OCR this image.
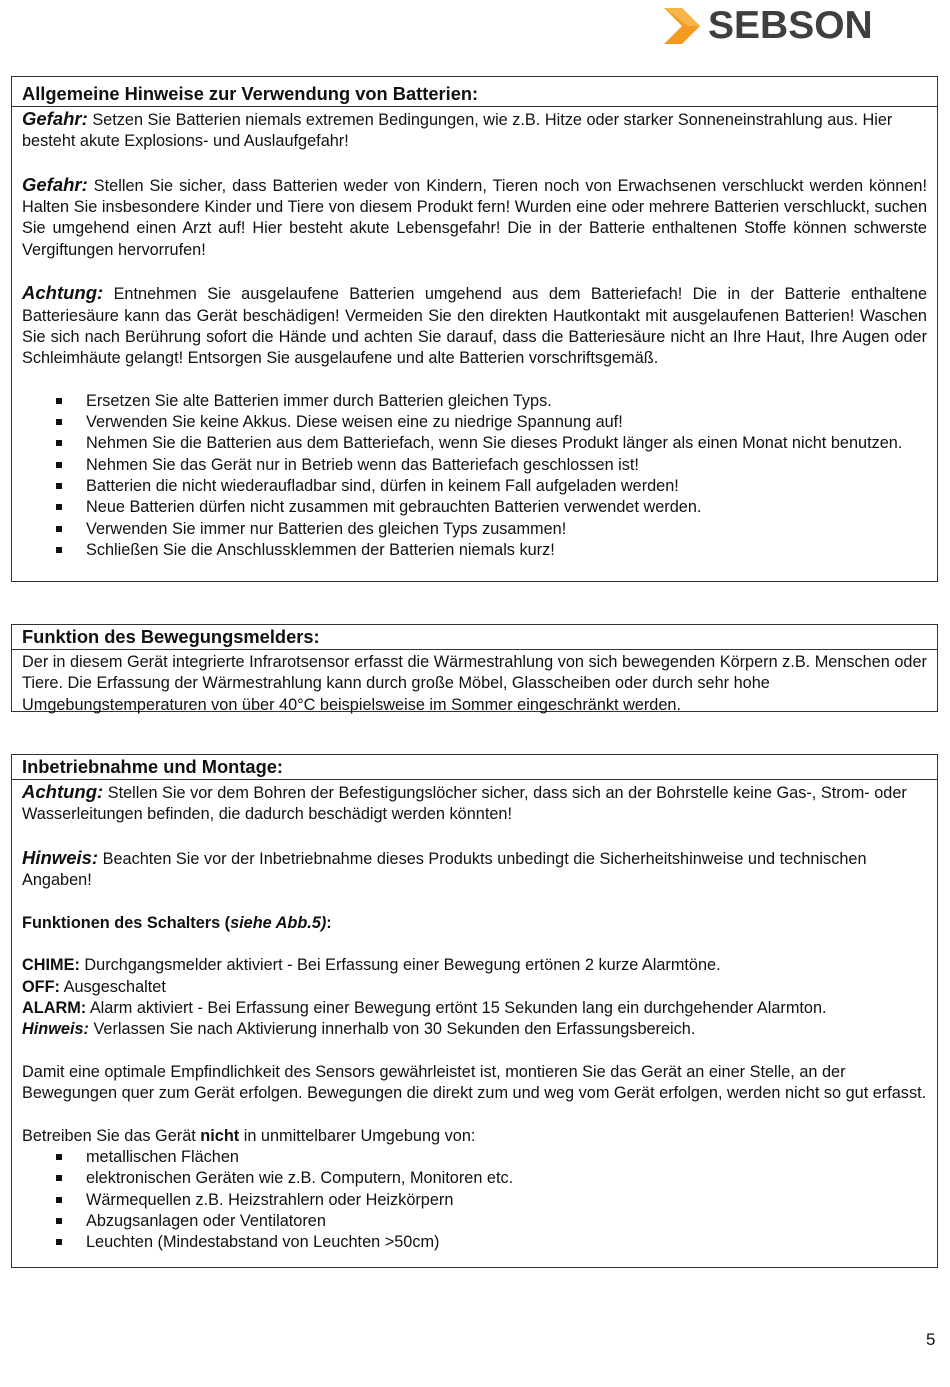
SEBSON
Allgemeine Hinweise zur Verwendung von Batterien:

Gefahr: Setzen Sie Batterien niemals extremen Bedingungen, wie z.B. Hitze oder starker Sonneneinstrahlung aus. Hier besteht akute Explosions- und Auslaufgefahr!

Gefahr: Stellen Sie sicher, dass Batterien weder von Kindern, Tieren noch von Erwachsenen verschluckt werden können! Halten Sie insbesondere Kinder und Tiere von diesem Produkt fern! Wurden eine oder mehrere Batterien verschluckt, suchen Sie umgehend einen Arzt auf! Hier besteht akute Lebensgefahr! Die in der Batterie enthaltenen Stoffe können schwerste Vergiftungen hervorrufen!

Achtung: Entnehmen Sie ausgelaufene Batterien umgehend aus dem Batteriefach! Die in der Batterie enthaltene Batteriesäure kann das Gerät beschädigen! Vermeiden Sie den direkten Hautkontakt mit ausgelaufenen Batterien! Waschen Sie sich nach Berührung sofort die Hände und achten Sie darauf, dass die Batteriesäure nicht an Ihre Haut, Ihre Augen oder Schleimhäute gelangt! Entsorgen Sie ausgelaufene und alte Batterien vorschriftsgemäß.

Ersetzen Sie alte Batterien immer durch Batterien gleichen Typs.
Verwenden Sie keine Akkus. Diese weisen eine zu niedrige Spannung auf!
Nehmen Sie die Batterien aus dem Batteriefach, wenn Sie dieses Produkt länger als einen Monat nicht benutzen.
Nehmen Sie das Gerät nur in Betrieb wenn das Batteriefach geschlossen ist!
Batterien die nicht wiederaufladbar sind, dürfen in keinem Fall aufgeladen werden!
Neue Batterien dürfen nicht zusammen mit gebrauchten Batterien verwendet werden.
Verwenden Sie immer nur Batterien des gleichen Typs zusammen!
Schließen Sie die Anschlussklemmen der Batterien niemals kurz!
Funktion des Bewegungsmelders:

Der in diesem Gerät integrierte Infrarotsensor erfasst die Wärmestrahlung von sich bewegenden Körpern z.B. Menschen oder Tiere. Die Erfassung der Wärmestrahlung kann durch große Möbel, Glasscheiben oder durch sehr hohe Umgebungstemperaturen von über 40°C beispielsweise im Sommer eingeschränkt werden.

Inbetriebnahme und Montage:

Achtung: Stellen Sie vor dem Bohren der Befestigungslöcher sicher, dass sich an der Bohrstelle keine Gas-, Strom- oder Wasserleitungen befinden, die dadurch beschädigt werden könnten!

Hinweis: Beachten Sie vor der Inbetriebnahme dieses Produkts unbedingt die Sicherheitshinweise und technischen Angaben!

Funktionen des Schalters (siehe Abb.5):

CHIME: Durchgangsmelder aktiviert - Bei Erfassung einer Bewegung ertönen 2 kurze Alarmtöne.

OFF: Ausgeschaltet

ALARM: Alarm aktiviert - Bei Erfassung einer Bewegung ertönt 15 Sekunden lang ein durchgehender Alarmton.

Hinweis: Verlassen Sie nach Aktivierung innerhalb von 30 Sekunden den Erfassungsbereich.

Damit eine optimale Empfindlichkeit des Sensors gewährleistet ist, montieren Sie das Gerät an einer Stelle, an der Bewegungen quer zum Gerät erfolgen. Bewegungen die direkt zum und weg vom Gerät erfolgen, werden nicht so gut erfasst.

Betreiben Sie das Gerät nicht in unmittelbarer Umgebung von:

metallischen Flächen
elektronischen Geräten wie z.B. Computern, Monitoren etc.
Wärmequellen z.B. Heizstrahlern oder Heizkörpern
Abzugsanlagen oder Ventilatoren
Leuchten (Mindestabstand von Leuchten >50cm)
5
